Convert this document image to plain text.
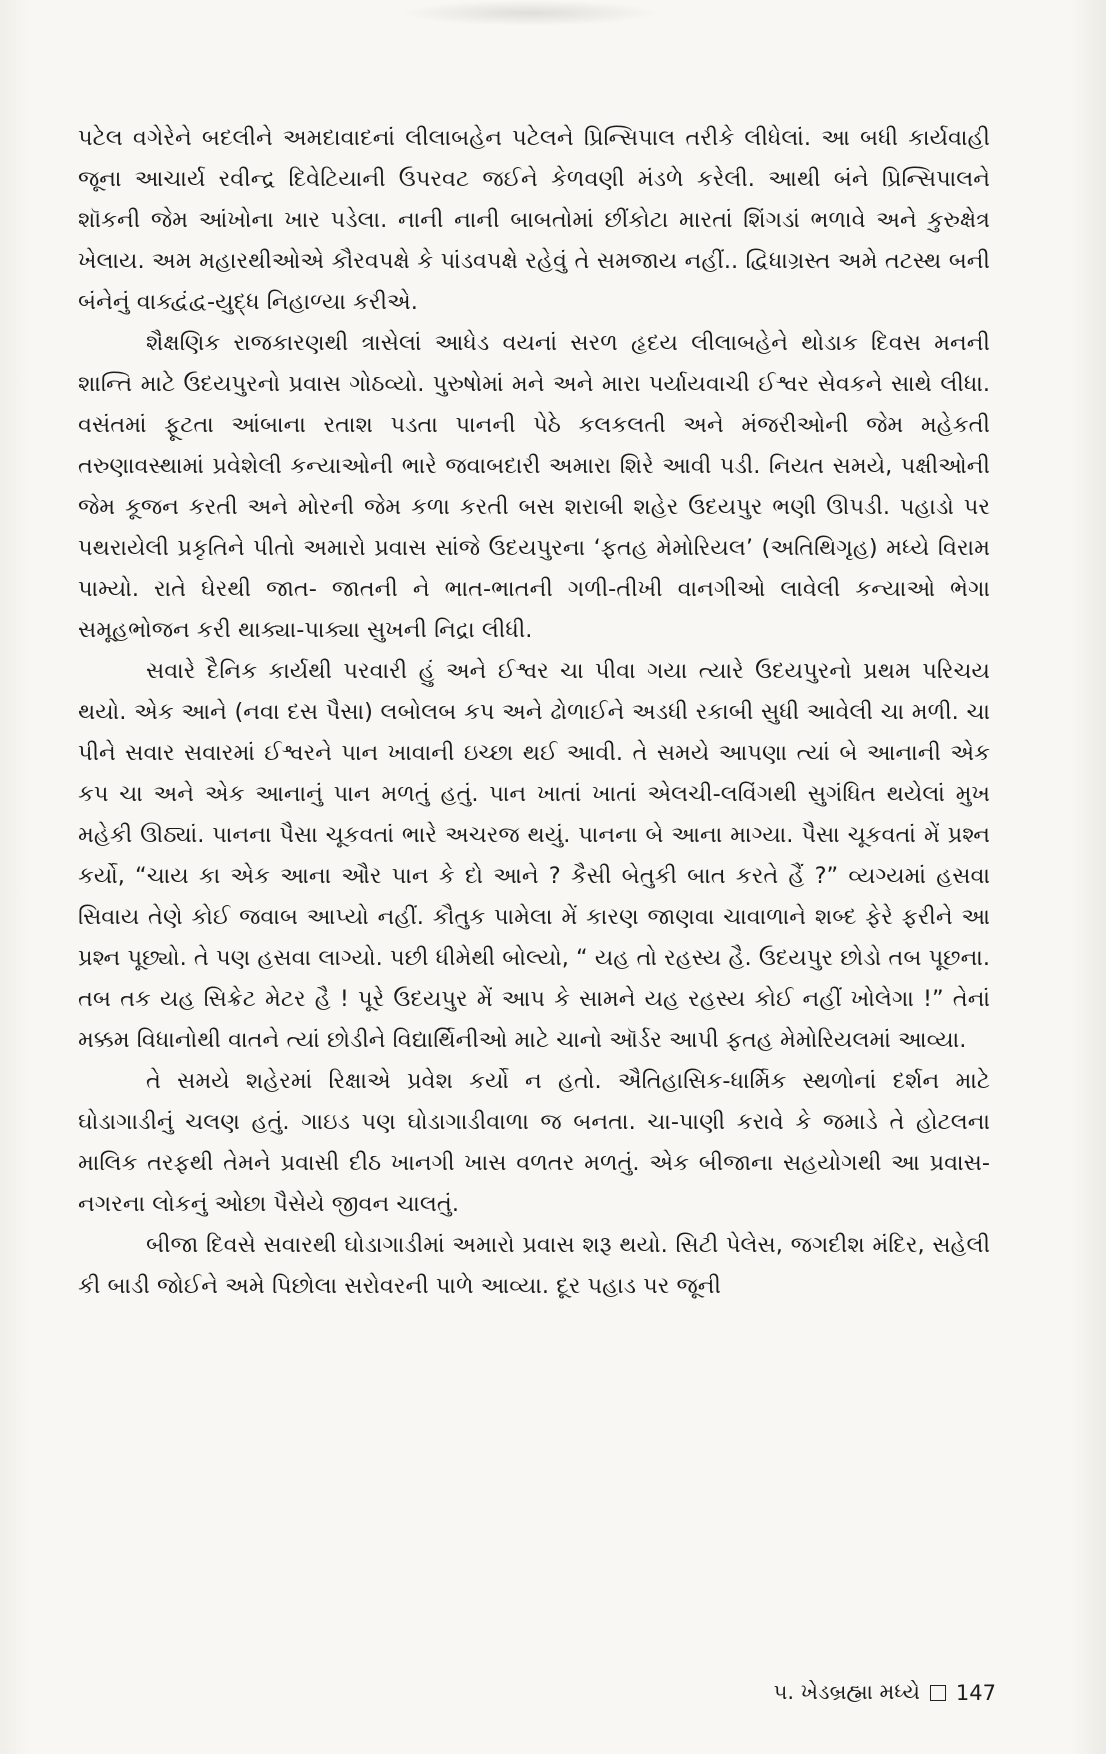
પટેલ વગેરેને બદલીને અમદાવાદનાં લીલાબહેન પટેલને પ્રિન્સિપાલ તરીકે લીધેલાં. આ બધી કાર્યવાહી જૂના આચાર્ય રવીન્દ્ર દિવેટિયાની ઉપરવટ જઈને કેળવણી મંડળે કરેલી. આથી બંને પ્રિન્સિપાલને શૉકની જેમ આંખોના ખાર પડેલા. નાની નાની બાબતોમાં છીંકોટા મારતાં શિંગડાં ભળાવે અને કુરુક્ષેત્ર ખેલાય. અમ મહારથીઓએ કૌરવપક્ષે કે પાંડવપક્ષે રહેવું તે સમજાય નહીં.. દ્વિધાગ્રસ્ત અમે તટસ્થ બની બંનેનું વાક્દ્વંદ્વ-યુદ્ધ નિહાળ્યા કરીએ.

શૈક્ષણિક રાજકારણથી ત્રાસેલાં આધેડ વયનાં સરળ હૃદય લીલાબહેને થોડાક દિવસ મનની શાન્તિ માટે ઉદયપુરનો પ્રવાસ ગોઠવ્યો. પુરુષોમાં મને અને મારા પર્યાયવાચી ઈશ્વર સેવકને સાથે લીધા. વસંતમાં ફૂટતા આંબાના રતાશ પડતા પાનની પેઠે કલકલતી અને મંજરીઓની જેમ મહેકતી તરુણાવસ્થામાં પ્રવેશેલી કન્યાઓની ભારે જવાબદારી અમારા શિરે આવી પડી. નિયત સમયે, પક્ષીઓની જેમ કૂજન કરતી અને મોરની જેમ કળા કરતી બસ શરાબી શહેર ઉદયપુર ભણી ઊપડી. પહાડો પર પથરાયેલી પ્રકૃતિને પીતો અમારો પ્રવાસ સાંજે ઉદયપુરના ‘ફતહ મેમોરિયલ’ (અતિથિગૃહ) મધ્યે વિરામ પામ્યો. રાતે ઘેરથી જાત- જાતની ને ભાત-ભાતની ગળી-તીખી વાનગીઓ લાવેલી કન્યાઓ ભેગા સમૂહભોજન કરી થાક્યા-પાક્યા સુખની નિદ્રા લીધી.

સવારે દૈનિક કાર્યથી પરવારી હું અને ઈશ્વર ચા પીવા ગયા ત્યારે ઉદયપુરનો પ્રથમ પરિચય થયો. એક આને (નવા દસ પૈસા) લબોલબ કપ અને ઢોળાઈને અડધી રકાબી સુધી આવેલી ચા મળી. ચા પીને સવાર સવારમાં ઈશ્વરને પાન ખાવાની ઇચ્છા થઈ આવી. તે સમયે આપણા ત્યાં બે આનાની એક કપ ચા અને એક આનાનું પાન મળતું હતું. પાન ખાતાં ખાતાં એલચી-લવિંગથી સુગંધિત થયેલાં મુખ મહેકી ઊઠ્યાં. પાનના પૈસા ચૂકવતાં ભારે અચરજ થયું. પાનના બે આના માગ્યા. પૈસા ચૂકવતાં મેં પ્રશ્ન કર્યો, “ચાય કા એક આના ઔર પાન કે દો આને ? કૈસી બેતુકી બાત કરતે હૈં ?” વ્યગ્યમાં હસવા સિવાય તેણે કોઈ જવાબ આપ્યો નહીં. કૌતુક પામેલા મેં કારણ જાણવા ચાવાળાને શબ્દ ફેરે ફરીને આ પ્રશ્ન પૂછ્યો. તે પણ હસવા લાગ્યો. પછી ધીમેથી બોલ્યો, “ યહ તો રહસ્ય હૈ. ઉદયપુર છોડો તબ પૂછના. તબ તક યહ સિક્રેટ મેટર હૈ ! પૂરે ઉદયપુર મેં આપ કે સામને યહ રહસ્ય કોઈ નહીં ખોલેગા !” તેનાં મક્કમ વિધાનોથી વાતને ત્યાં છોડીને વિદ્યાર્થિનીઓ માટે ચાનો ઑર્ડર આપી ફતહ મેમોરિયલમાં આવ્યા.

તે સમયે શહેરમાં રિક્ષાએ પ્રવેશ કર્યો ન હતો. ઐતિહાસિક-ધાર્મિક સ્થળોનાં દર્શન માટે ઘોડાગાડીનું ચલણ હતું. ગાઇડ પણ ઘોડાગાડીવાળા જ બનતા. ચા-પાણી કરાવે કે જમાડે તે હોટલના માલિક તરફથી તેમને પ્રવાસી દીઠ ખાનગી ખાસ વળતર મળતું. એક બીજાના સહયોગથી આ પ્રવાસ-નગરના લોકનું ઓછા પૈસેયે જીવન ચાલતું.

બીજા દિવસે સવારથી ઘોડાગાડીમાં અમારો પ્રવાસ શરૂ થયો. સિટી પેલેસ, જગદીશ મંદિર, સહેલી કી બાડી જોઈને અમે પિછોલા સરોવરની પાળે આવ્યા. દૂર પહાડ પર જૂની

૫. ખેડબ્રહ્મા મધ્યે 147
